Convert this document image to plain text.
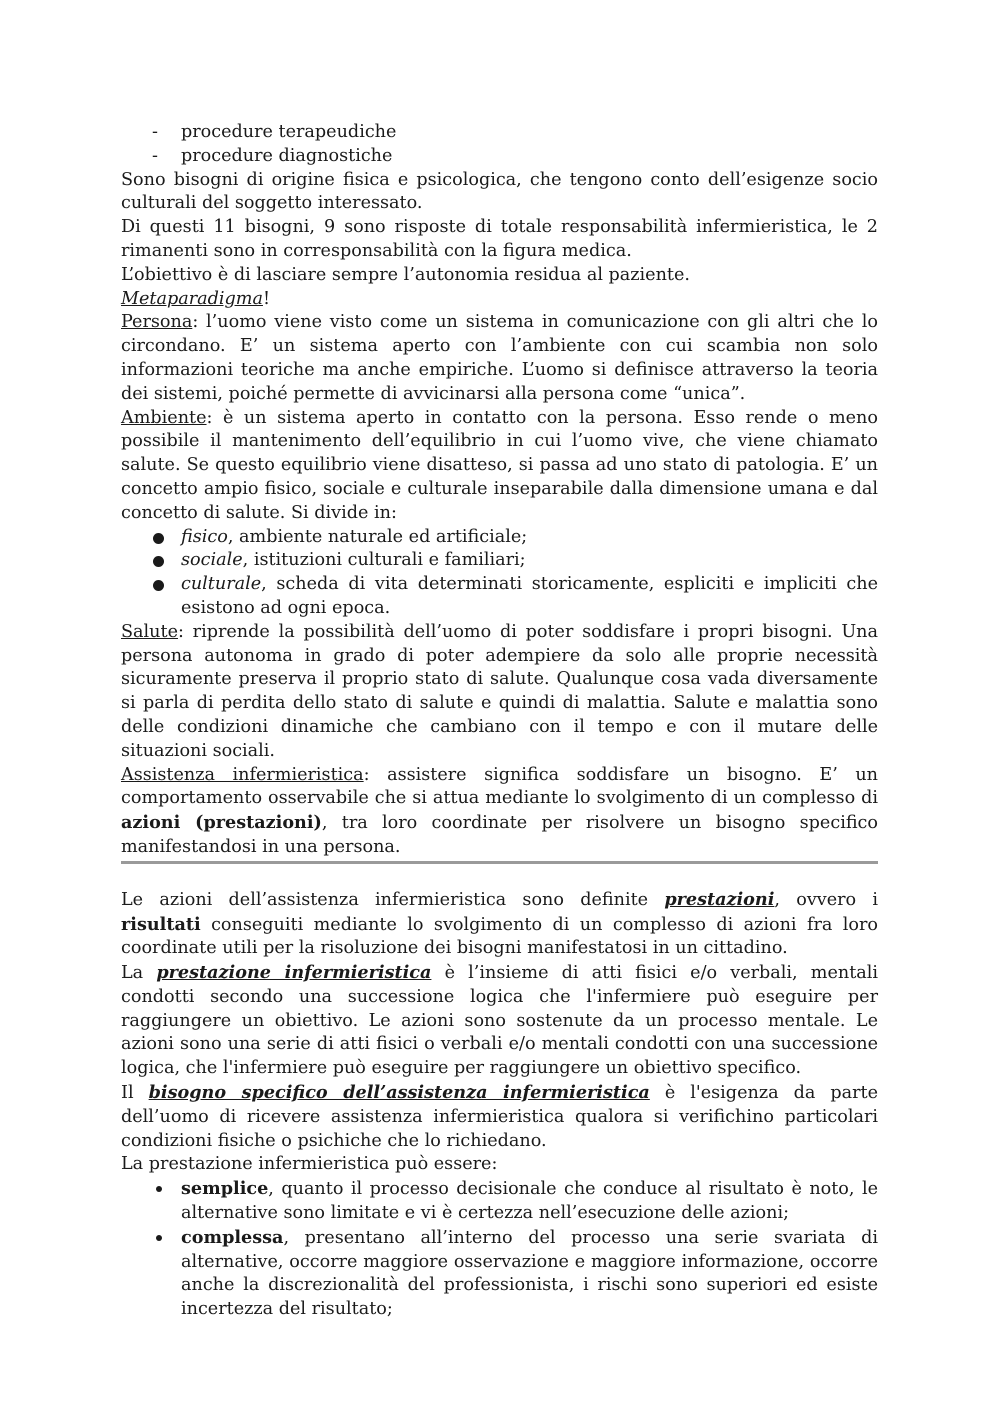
- procedure terapeudiche
- procedure diagnostiche

Sono bisogni di origine fisica e psicologica, che tengono conto dell’esigenze socio culturali del soggetto interessato.

Di questi 11 bisogni, 9 sono risposte di totale responsabilità infermieristica, le 2 rimanenti sono in corresponsabilità con la figura medica.

L’obiettivo è di lasciare sempre l’autonomia residua al paziente.

Metaparadigma!

Persona: l’uomo viene visto come un sistema in comunicazione con gli altri che lo circondano. E’ un sistema aperto con l’ambiente con cui scambia non solo informazioni teoriche ma anche empiriche. L’uomo si definisce attraverso la teoria dei sistemi, poiché permette di avvicinarsi alla persona come “unica”.

Ambiente: è un sistema aperto in contatto con la persona. Esso rende o meno possibile il mantenimento dell’equilibrio in cui l’uomo vive, che viene chiamato salute. Se questo equilibrio viene disatteso, si passa ad uno stato di patologia. E’ un concetto ampio fisico, sociale e culturale inseparabile dalla dimensione umana e dal concetto di salute. Si divide in:

fisico, ambiente naturale ed artificiale;
sociale, istituzioni culturali e familiari;
culturale, scheda di vita determinati storicamente, espliciti e impliciti che esistono ad ogni epoca.

Salute: riprende la possibilità dell’uomo di poter soddisfare i propri bisogni. Una persona autonoma in grado di poter adempiere da solo alle proprie necessità sicuramente preserva il proprio stato di salute. Qualunque cosa vada diversamente si parla di perdita dello stato di salute e quindi di malattia. Salute e malattia sono delle condizioni dinamiche che cambiano con il tempo e con il mutare delle situazioni sociali.

Assistenza infermieristica: assistere significa soddisfare un bisogno. E’ un comportamento osservabile che si attua mediante lo svolgimento di un complesso di azioni (prestazioni), tra loro coordinate per risolvere un bisogno specifico manifestandosi in una persona.

Le azioni dell’assistenza infermieristica sono definite prestazioni, ovvero i risultati conseguiti mediante lo svolgimento di un complesso di azioni fra loro coordinate utili per la risoluzione dei bisogni manifestatosi in un cittadino.

La prestazione infermieristica è l’insieme di atti fisici e/o verbali, mentali condotti secondo una successione logica che l'infermiere può eseguire per raggiungere un obiettivo. Le azioni sono sostenute da un processo mentale. Le azioni sono una serie di atti fisici o verbali e/o mentali condotti con una successione logica, che l'infermiere può eseguire per raggiungere un obiettivo specifico.

Il bisogno specifico dell’assistenza infermieristica è l'esigenza da parte dell’uomo di ricevere assistenza infermieristica qualora si verifichino particolari condizioni fisiche o psichiche che lo richiedano.

La prestazione infermieristica può essere:

semplice, quanto il processo decisionale che conduce al risultato è noto, le alternative sono limitate e vi è certezza nell’esecuzione delle azioni;
complessa, presentano all’interno del processo una serie svariata di alternative, occorre maggiore osservazione e maggiore informazione, occorre anche la discrezionalità del professionista, i rischi sono superiori ed esiste incertezza del risultato;
